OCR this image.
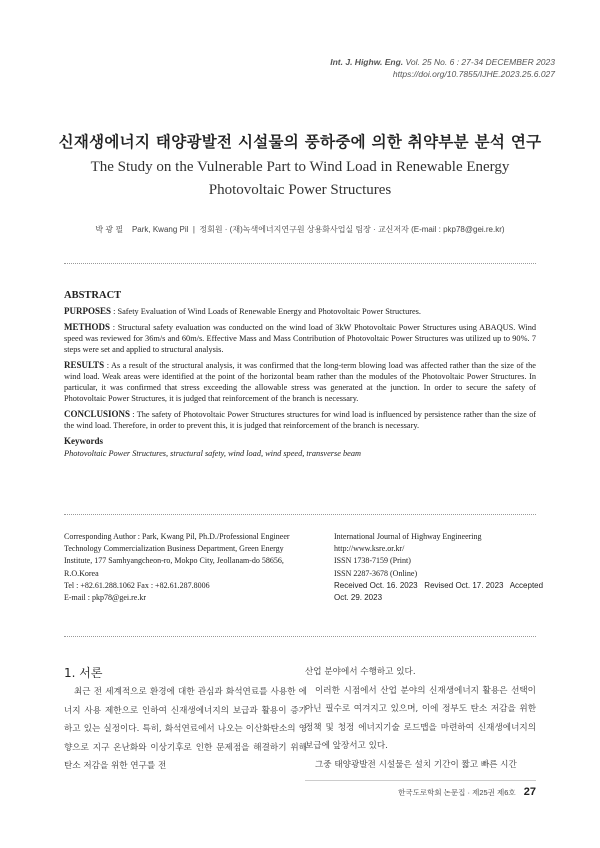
Int. J. Highw. Eng. Vol. 25 No. 6 : 27-34 DECEMBER 2023
https://doi.org/10.7855/IJHE.2023.25.6.027
신재생에너지 태양광발전 시설물의 풍하중에 의한 취약부분 분석 연구
The Study on the Vulnerable Part to Wind Load in Renewable Energy
Photovoltaic Power Structures
박 광 필 Park, Kwang Pil  |  정회원 · (재)녹색에너지연구원 상용화사업실 팀장 · 교신저자 (E-mail : pkp78@gei.re.kr)
ABSTRACT

PURPOSES : Safety Evaluation of Wind Loads of Renewable Energy and Photovoltaic Power Structures.

METHODS : Structural safety evaluation was conducted on the wind load of 3kW Photovoltaic Power Structures using ABAQUS. Wind speed was reviewed for 36m/s and 60m/s. Effective Mass and Mass Contribution of Photovoltaic Power Structures was utilized up to 90%. 7 steps were set and applied to structural analysis.

RESULTS : As a result of the structural analysis, it was confirmed that the long-term blowing load was affected rather than the size of the wind load. Weak areas were identified at the point of the horizontal beam rather than the modules of the Photovoltaic Power Structures. In particular, it was confirmed that stress exceeding the allowable stress was generated at the junction. In order to secure the safety of Photovoltaic Power Structures, it is judged that reinforcement of the branch is necessary.

CONCLUSIONS : The safety of Photovoltaic Power Structures structures for wind load is influenced by persistence rather than the size of the wind load. Therefore, in order to prevent this, it is judged that reinforcement of the branch is necessary.

Keywords
Photovoltaic Power Structures, structural safety, wind load, wind speed, transverse beam
Corresponding Author : Park, Kwang Pil, Ph.D./Professional Engineer
Technology Commercialization Business Department, Green Energy
Institute, 177 Samhyangcheon-ro, Mokpo City, Jeollanam-do 58656,
R.O.Korea
Tel : +82.61.288.1062 Fax : +82.61.287.8006
E-mail : pkp78@gei.re.kr
International Journal of Highway Engineering
http://www.ksre.or.kr/
ISSN 1738-7159 (Print)
ISSN 2287-3678 (Online)
Received Oct. 16. 2023 Revised Oct. 17. 2023 Accepted Oct. 29. 2023
1. 서론

최근 전 세계적으로 환경에 대한 관심과 화석연료를 사용한 에너지 사용 제한으로 인하여 신재생에너지의 보급과 활용이 증가하고 있는 실정이다. 특히, 화석연료에서 나오는 이산화탄소의 영향으로 지구 온난화와 이상기후로 인한 문제점을 해결하기 위해 탄소 저감을 위한 연구를 전

산업 분야에서 수행하고 있다.

이러한 시점에서 산업 분야의 신재생에너지 활용은 선택이 아닌 필수로 여겨지고 있으며, 이에 정부도 탄소 저감을 위한 정책 및 청정 에너지기술 로드맵을 마련하여 신재생에너지의 보급에 앞장서고 있다.

그중 태양광발전 시설물은 설치 기간이 짧고 빠른 시간

한국도로학회 논문집 · 제25권 제6호 27
